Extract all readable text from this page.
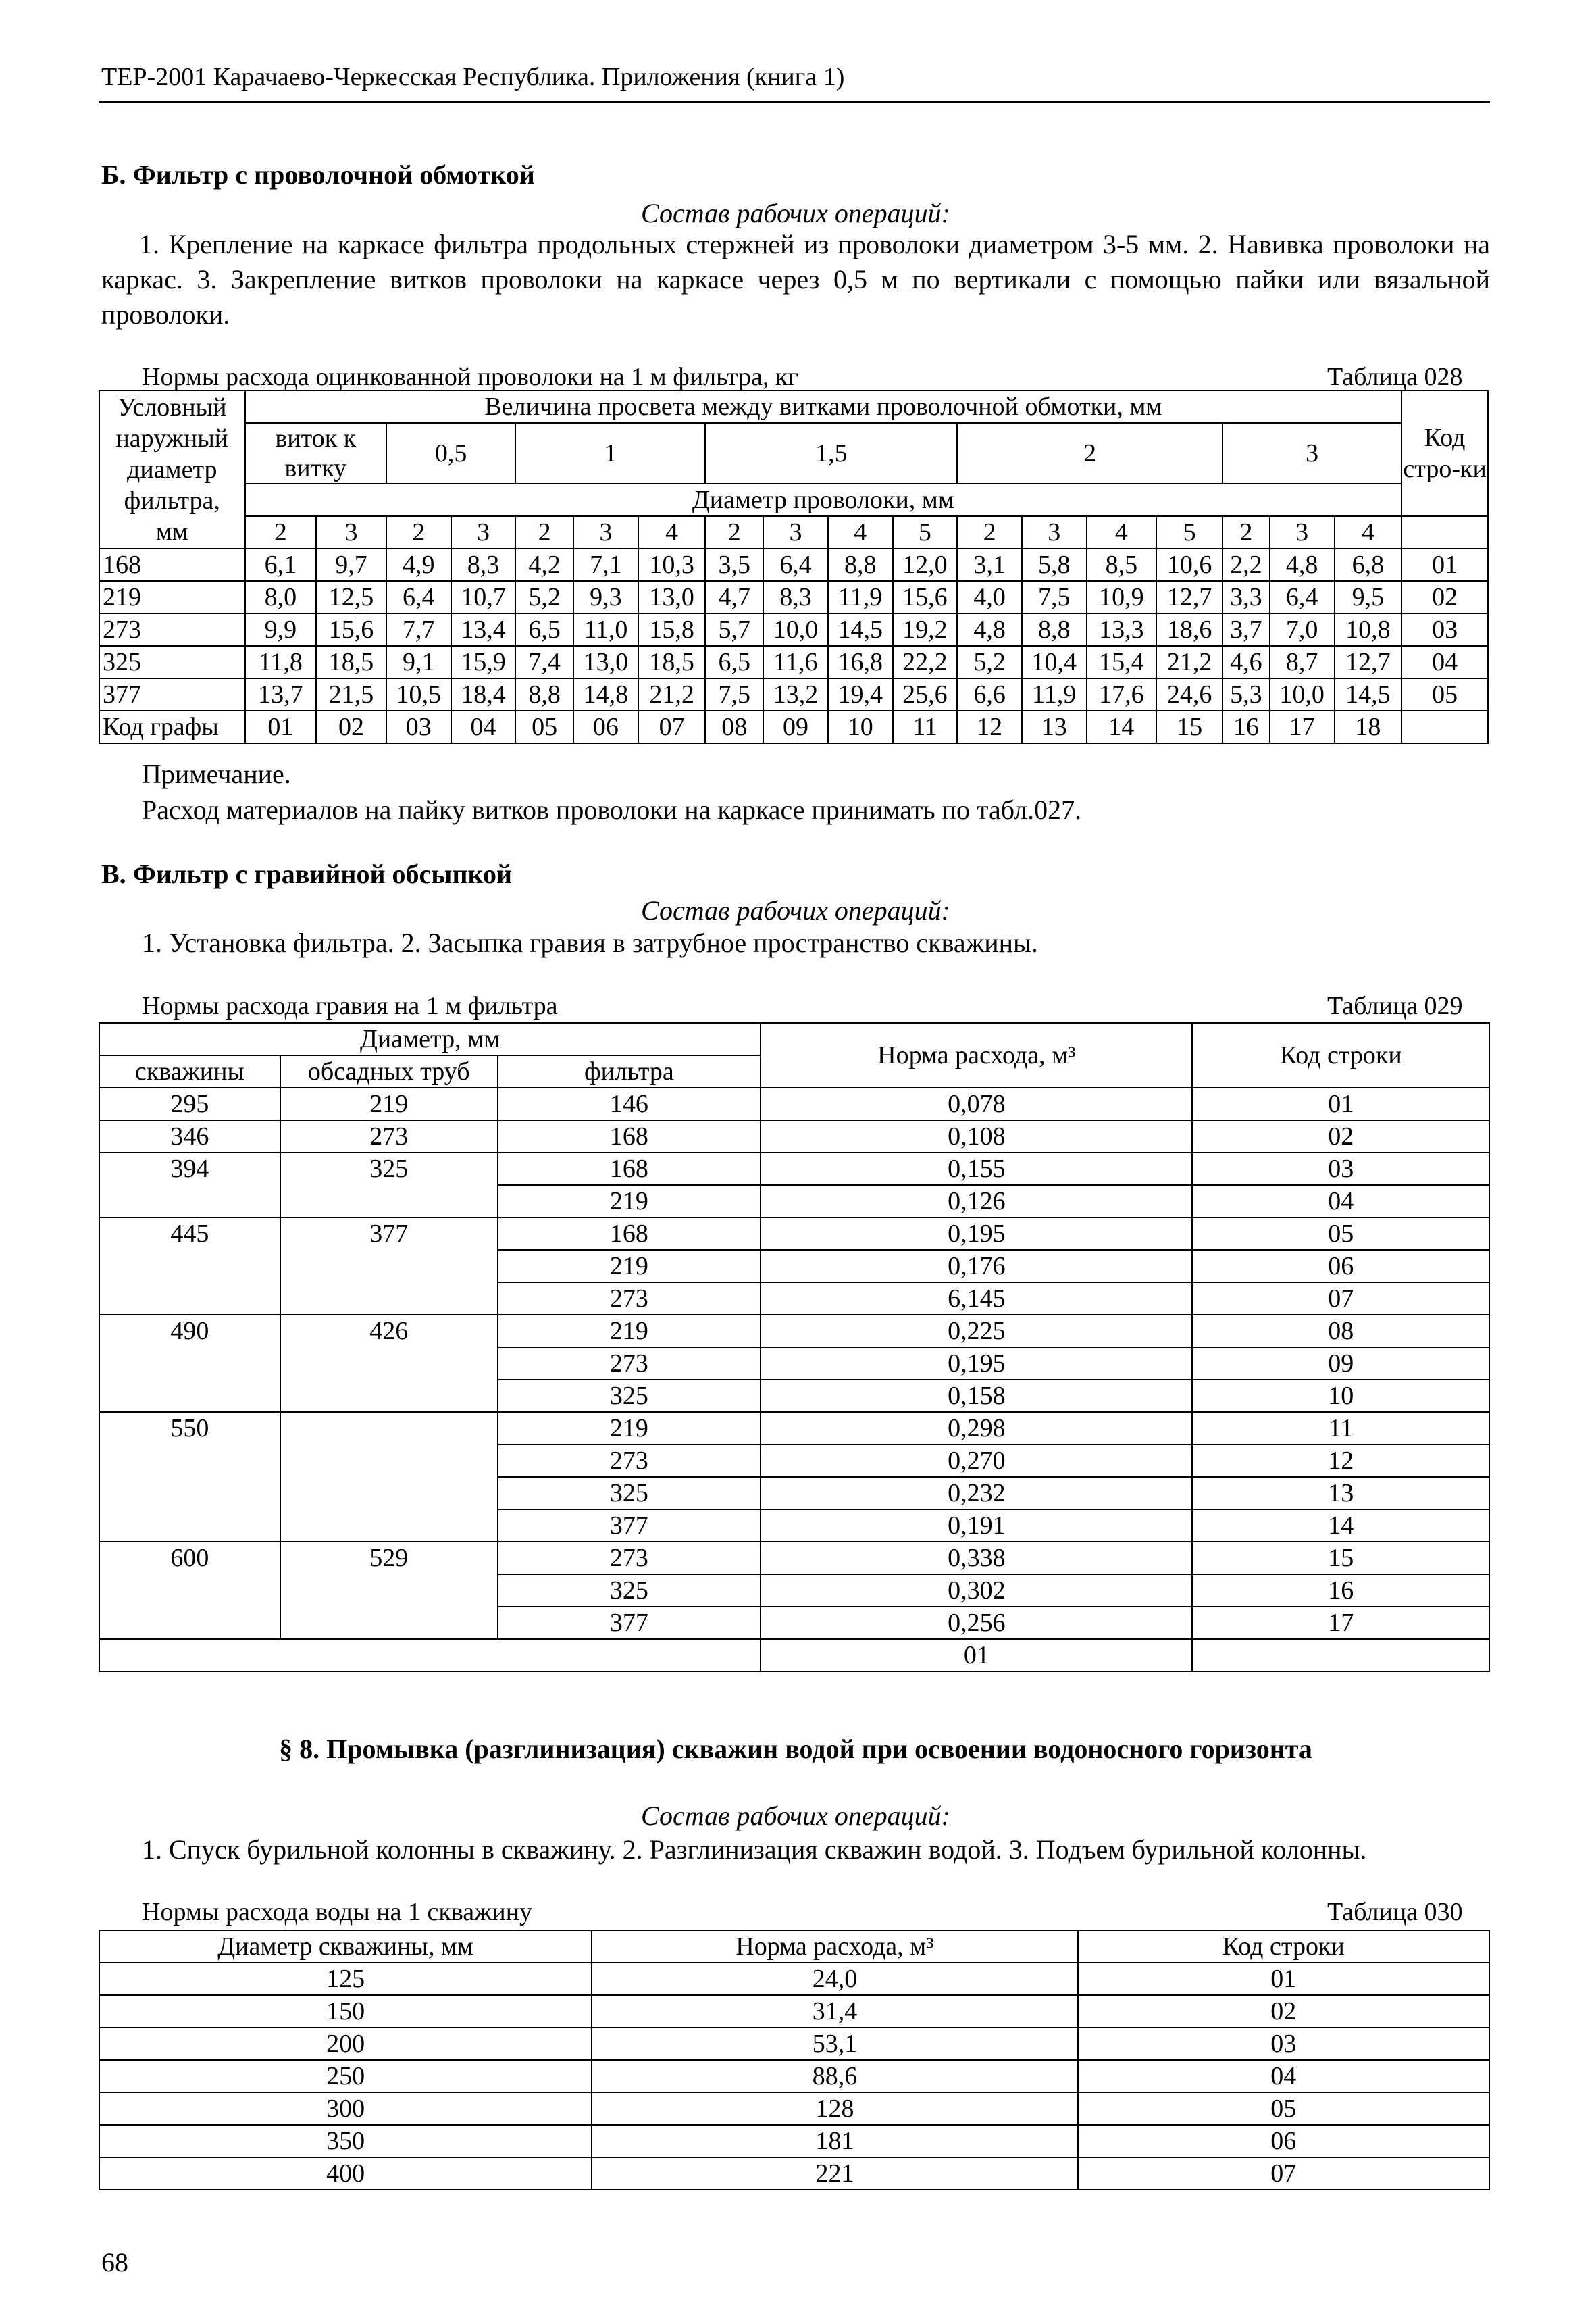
ТЕР-2001 Карачаево-Черкесская Республика. Приложения (книга 1)
Б. Фильтр с проволочной обмоткой
Состав рабочих операций:
1. Крепление на каркасе фильтра продольных стержней из проволоки диаметром 3-5 мм. 2. Навивка проволоки на каркас. 3. Закрепление витков проволоки на каркасе через 0,5 м по вертикали с помощью пайки или вязальной проволоки.
Нормы расхода оцинкованной проволоки на 1 м фильтра, кг	Таблица 028
Условный
наружный
диаметр
фильтра,
мм	Величина просвета между витками проволочной обмотки, мм																		Код стро-ки
	виток к витку		0,5		1			1,5				2				3			
	Диаметр проволоки, мм																		
	2	3	2	3	2	3	4	2	3	4	5	2	3	4	5	2	3	4	
168	6,1	9,7	4,9	8,3	4,2	7,1	10,3	3,5	6,4	8,8	12,0	3,1	5,8	8,5	10,6	2,2	4,8	6,8	01
219	8,0	12,5	6,4	10,7	5,2	9,3	13,0	4,7	8,3	11,9	15,6	4,0	7,5	10,9	12,7	3,3	6,4	9,5	02
273	9,9	15,6	7,7	13,4	6,5	11,0	15,8	5,7	10,0	14,5	19,2	4,8	8,8	13,3	18,6	3,7	7,0	10,8	03
325	11,8	18,5	9,1	15,9	7,4	13,0	18,5	6,5	11,6	16,8	22,2	5,2	10,4	15,4	21,2	4,6	8,7	12,7	04
377	13,7	21,5	10,5	18,4	8,8	14,8	21,2	7,5	13,2	19,4	25,6	6,6	11,9	17,6	24,6	5,3	10,0	14,5	05
Код графы	01	02	03	04	05	06	07	08	09	10	11	12	13	14	15	16	17	18	
Примечание.
Расход материалов на пайку витков проволоки на каркасе принимать по табл.027.
В. Фильтр с гравийной обсыпкой
Состав рабочих операций:
1. Установка фильтра. 2. Засыпка гравия в затрубное пространство скважины.
Нормы расхода гравия на 1 м фильтра	Таблица 029
Диаметр, мм			Норма расхода, м³	Код строки
скважины	обсадных труб	фильтра		
295	219	146	0,078	01
346	273	168	0,108	02
394	325	168	0,155	03
		219	0,126	04
445	377	168	0,195	05
		219	0,176	06
		273	6,145	07
490	426	219	0,225	08
		273	0,195	09
		325	0,158	10
550		219	0,298	11
		273	0,270	12
		325	0,232	13
		377	0,191	14
600	529	273	0,338	15
		325	0,302	16
		377	0,256	17
			01	
§ 8. Промывка (разглинизация) скважин водой при освоении водоносного горизонта
Состав рабочих операций:
1. Спуск бурильной колонны в скважину. 2. Разглинизация скважин водой. 3. Подъем бурильной колонны.
Нормы расхода воды на 1 скважину	Таблица 030
Диаметр скважины, мм	Норма расхода, м³	Код строки
125	24,0	01
150	31,4	02
200	53,1	03
250	88,6	04
300	128	05
350	181	06
400	221	07
68
